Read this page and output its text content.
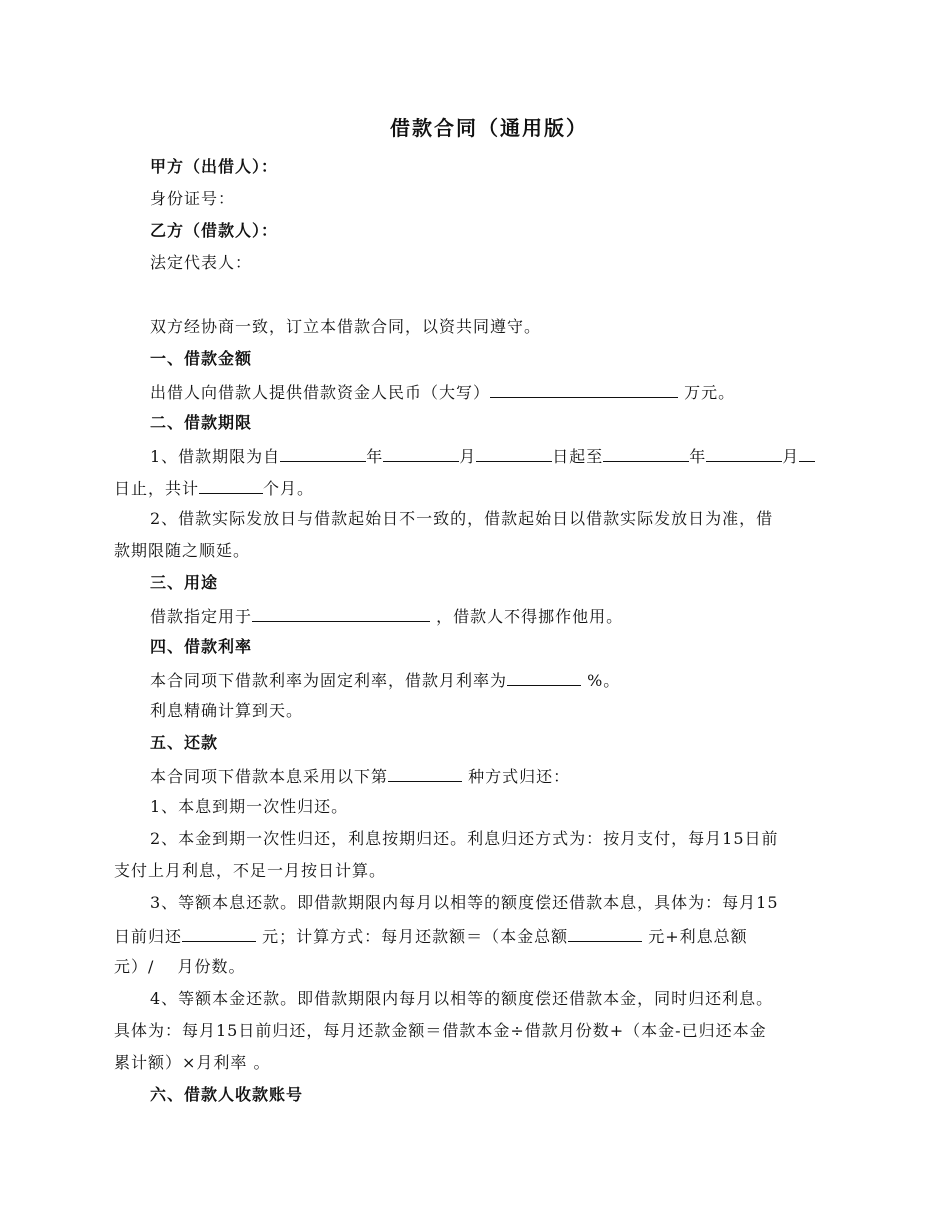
借款合同（通用版）
甲方（出借人）：
身份证号：
乙方（借款人）：
法定代表人：
双方经协商一致，订立本借款合同，以资共同遵守。
一、借款金额
出借人向借款人提供借款资金人民币（大写）	万元。
二、借款期限
1、借款期限为自	年	月	日起至	年	月
日止，共计	个月。
2、借款实际发放日与借款起始日不一致的，借款起始日以借款实际发放日为准，借
款期限随之顺延。
三、用途
借款指定用于	，借款人不得挪作他用。
四、借款利率
本合同项下借款利率为固定利率，借款月利率为	%。
利息精确计算到天。
五、还款
本合同项下借款本息采用以下第	种方式归还：
1、本息到期一次性归还。
2、本金到期一次性归还，利息按期归还。利息归还方式为：按月支付，每月15日前
支付上月利息，不足一月按日计算。
3、等额本息还款。即借款期限内每月以相等的额度偿还借款本息，具体为：每月15
日前归还	元；计算方式：每月还款额＝（本金总额	元+利息总额
元）/　 月份数。
4、等额本金还款。即借款期限内每月以相等的额度偿还借款本金，同时归还利息。
具体为：每月15日前归还，每月还款金额＝借款本金÷借款月份数+（本金-已归还本金
累计额）×月利率 。
六、借款人收款账号
